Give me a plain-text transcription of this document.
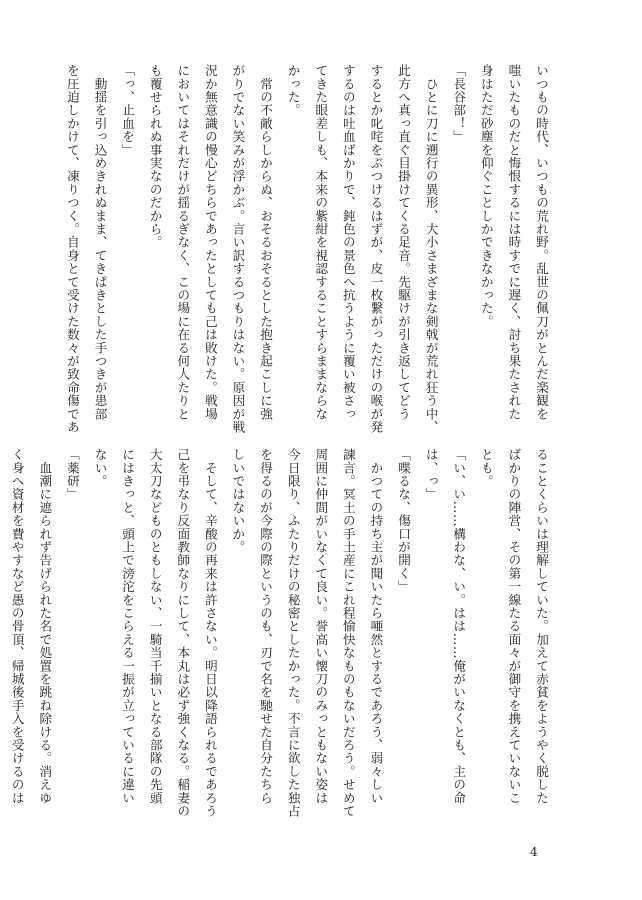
いつもの時代、いつもの荒れ野。乱世の佩刀がとんだ楽観を

嗤いたものだと悔恨するには時すでに遅く、討ち果たされた

身はただ砂塵を仰ぐことしかできなかった。

「長谷部！」

　ひとに刀に遡行の異形、大小さまざまな剣戟が荒れ狂う中、

此方へ真っ直ぐ目掛けてくる足音。先駆けが引き返してどう

するとか叱咤をぶつけるはずが、皮一枚繋がっただけの喉が発

するのは吐血ばかりで、鈍色の景色へ抗うように覆い被さっ

てきた眼差しも、本来の紫紺を視認することすらままならな

かった。

　常の不敵らしからぬ、おそるおそるとした抱き起こしに強

がりでない笑みが浮かぶ。言い訳するつもりはない。原因が戦

況か無意識の慢心どちらであったとしても己は敗けた。戦場

においてはそれだけが揺るぎなく、この場に在る何人たりと

も覆せられぬ事実なのだから。

「っ、止血を」

　動揺を引っ込めきれぬまま、てきぱきとした手つきが患部

を圧迫しかけて、凍りつく。自身とて受けた数々が致命傷であ

ることくらいは理解していた。加えて赤貧をようやく脱した

ばかりの陣営、その第一線たる面々が御守を携えていないこ

とも。

「い、い……構わな、い。はは……俺がいなくとも、主の命

は、っ」

「喋るな、傷口が開く」

　かつての持ち主が聞いたら唖然とするであろう、弱々しい

諫言。冥土の手土産にこれ程愉快なものもないだろう。せめて

周囲に仲間がいなくて良い。誉高い懐刀のみっともない姿は

今日限り、ふたりだけの秘密としたかった。不言に欲した独占

を得るのが今際の際というのも、刃で名を馳せた自分たちら

しいではないか。

　そして、辛酸の再来は許さない。明日以降語られるであろう

己を弔なり反面教師なりにして、本丸は必ず強くなる。稲妻の

大太刀などものともしない、一騎当千揃いとなる部隊の先頭

にはきっと、頭上で滂沱をこらえる一振が立っているに違い

ない。

「薬研」

　血潮に遮られず告げられた名で処置を跳ね除ける。消えゆ

く身へ資材を費やすなど愚の骨頂、帰城後手入を受けるのは

4
